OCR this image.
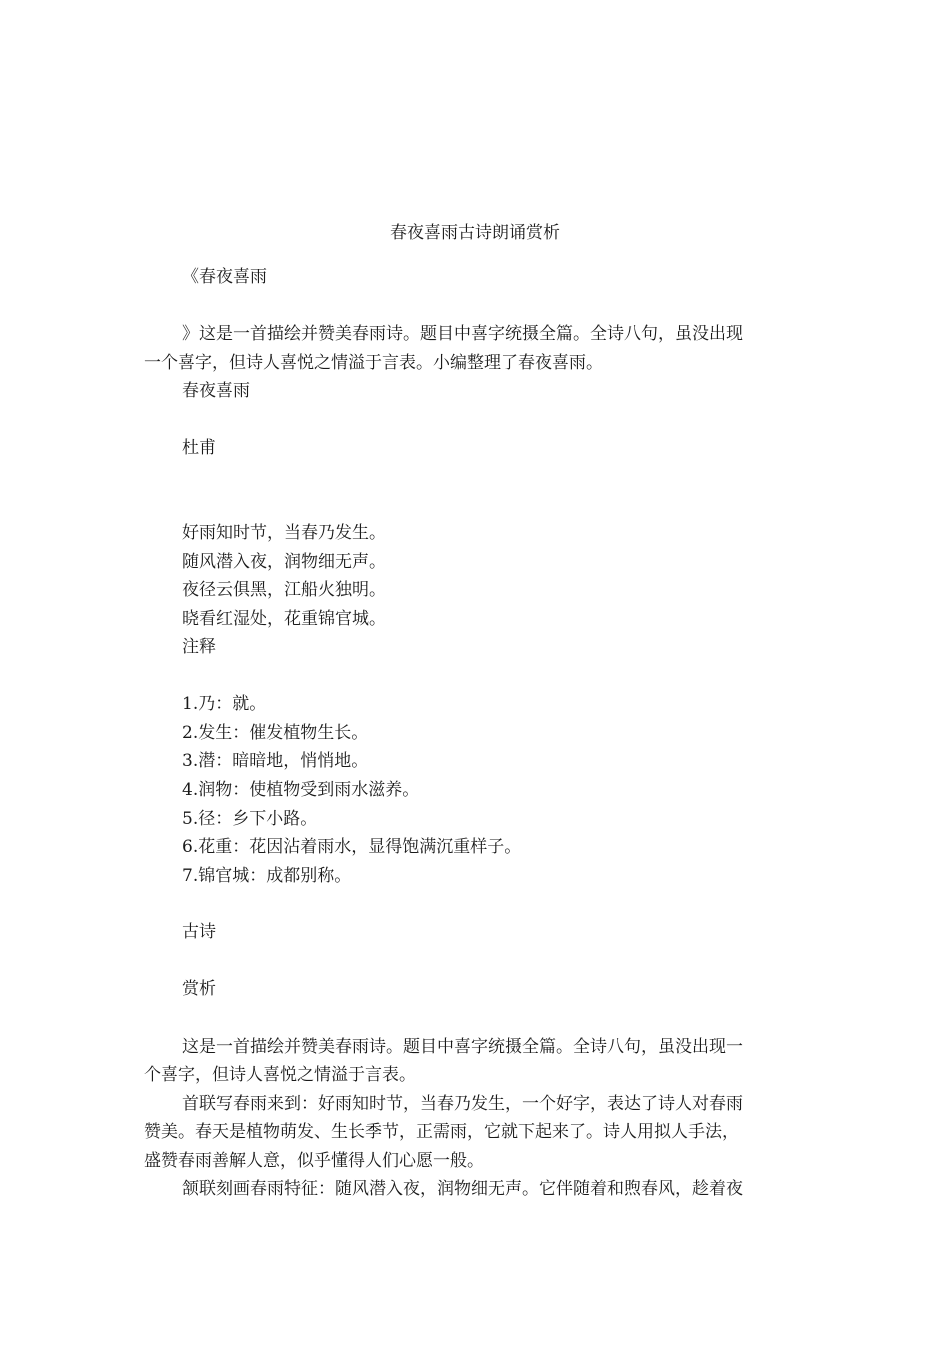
春夜喜雨古诗朗诵赏析
《春夜喜雨
》这是一首描绘并赞美春雨诗。题目中喜字统摄全篇。全诗八句，虽没出现
一个喜字，但诗人喜悦之情溢于言表。小编整理了春夜喜雨。
春夜喜雨
杜甫
好雨知时节，当春乃发生。
随风潜入夜，润物细无声。
夜径云俱黑，江船火独明。
晓看红湿处，花重锦官城。
注释
1.乃：就。
2.发生：催发植物生长。
3.潜：暗暗地，悄悄地。
4.润物：使植物受到雨水滋养。
5.径：乡下小路。
6.花重：花因沾着雨水，显得饱满沉重样子。
7.锦官城：成都别称。
古诗
赏析
这是一首描绘并赞美春雨诗。题目中喜字统摄全篇。全诗八句，虽没出现一
个喜字，但诗人喜悦之情溢于言表。
首联写春雨来到：好雨知时节，当春乃发生，一个好字，表达了诗人对春雨
赞美。春天是植物萌发、生长季节，正需雨，它就下起来了。诗人用拟人手法，
盛赞春雨善解人意，似乎懂得人们心愿一般。
颔联刻画春雨特征：随风潜入夜，润物细无声。它伴随着和煦春风，趁着夜
